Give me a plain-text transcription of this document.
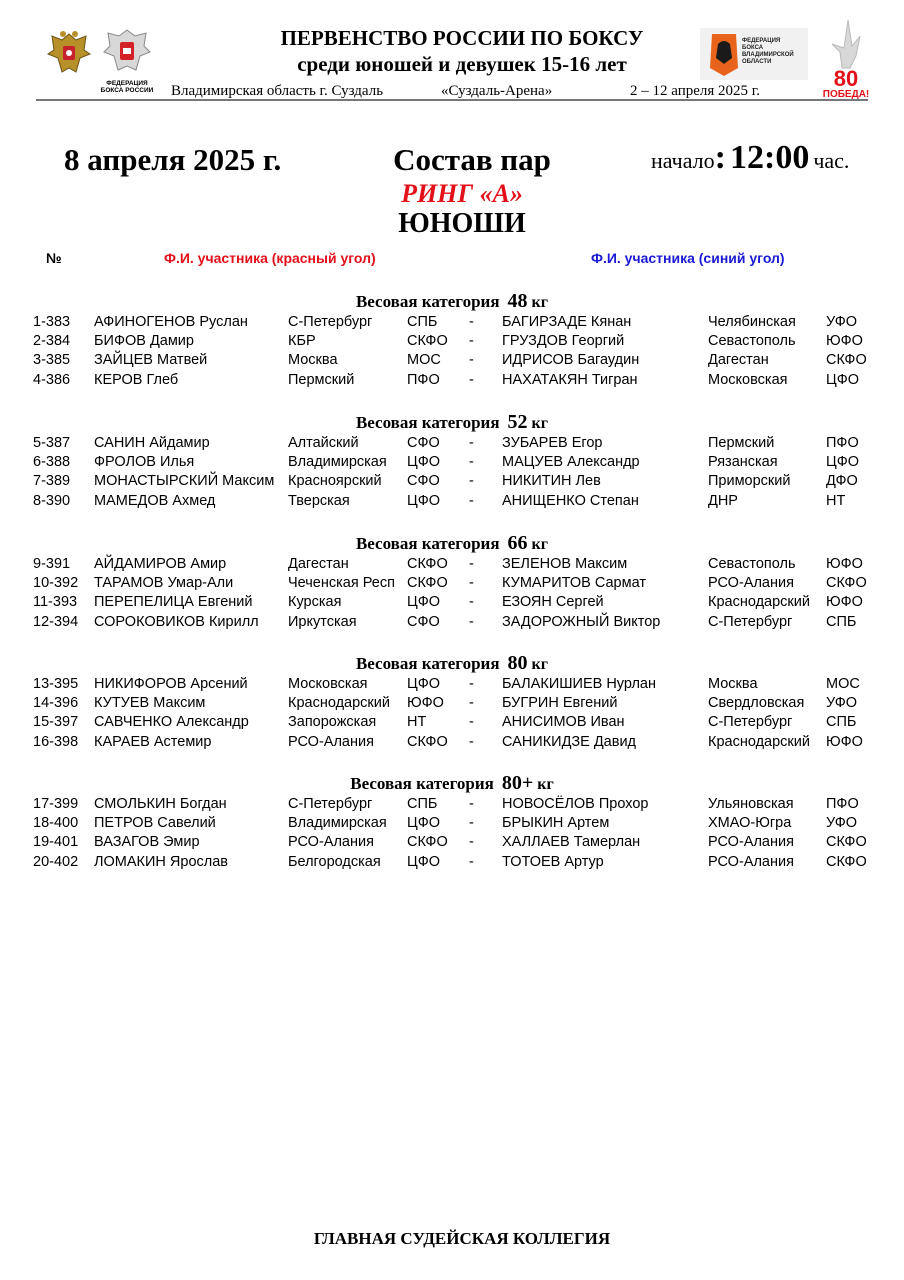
ФЕДЕРАЦИЯ БОКСА РОССИИ
ФЕДЕРАЦИЯ БОКСА ВЛАДИМИРСКОЙ ОБЛАСТИ
80
ПОБЕДА!
ПЕРВЕНСТВО РОССИИ ПО БОКСУ
среди юношей и девушек 15-16 лет
Владимирская область г. Суздаль	«Суздаль-Арена»	2 – 12 апреля 2025 г.
8 апреля 2025 г.	Состав пар	начало: 12:00 час.
РИНГ «А»
ЮНОШИ
№	Ф.И. участника (красный угол)	Ф.И. участника (синий угол)
Весовая категория 48 кг
1-383 АФИНОГЕНОВ Руслан	С-Петербург СПБ - БАГИРЗАДЕ Кянан	Челябинская УФО
2-384 БИФОВ Дамир	КБР	СКФО - ГРУЗДОВ Георгий	Севастополь ЮФО
3-385 ЗАЙЦЕВ Матвей	Москва	МОС - ИДРИСОВ Багаудин	Дагестан	СКФО
4-386 КЕРОВ Глеб	Пермский	ПФО - НАХАТАКЯН Тигран	Московская	ЦФО
Весовая категория 52 кг
5-387 САНИН Айдамир	Алтайский	СФО - ЗУБАРЕВ Егор	Пермский	ПФО
6-388 ФРОЛОВ Илья	Владимирская ЦФО - МАЦУЕВ Александр	Рязанская	ЦФО
7-389 МОНАСТЫРСКИЙ Максим Красноярский СФО - НИКИТИН Лев	Приморский ДФО
8-390 МАМЕДОВ Ахмед	Тверская	ЦФО - АНИЩЕНКО Степан	ДНР	НТ
Весовая категория 66 кг
9-391 АЙДАМИРОВ Амир	Дагестан	СКФО - ЗЕЛЕНОВ Максим	Севастополь ЮФО
10-392 ТАРАМОВ Умар-Али	Чеченская Респ СКФО - КУМАРИТОВ Сармат	РСО-Алания СКФО
11-393 ПЕРЕПЕЛИЦА Евгений Курская	ЦФО - ЕЗОЯН Сергей	Краснодарский ЮФО
12-394 СОРОКОВИКОВ Кирилл Иркутская	СФО - ЗАДОРОЖНЫЙ Виктор	С-Петербург СПБ
Весовая категория 80 кг
13-395 НИКИФОРОВ Арсений	Московская	ЦФО - БАЛАКИШИЕВ Нурлан	Москва	МОС
14-396 КУТУЕВ Максим	Краснодарский ЮФО - БУГРИН Евгений	Свердловская УФО
15-397 САВЧЕНКО Александр	Запорожская НТ	- АНИСИМОВ Иван	С-Петербург СПБ
16-398 КАРАЕВ Астемир	РСО-Алания СКФО - САНИКИДЗЕ Давид	Краснодарский ЮФО
Весовая категория 80+ кг
17-399 СМОЛЬКИН Богдан	С-Петербург СПБ - НОВОСЁЛОВ Прохор	Ульяновская ПФО
18-400 ПЕТРОВ Савелий	Владимирская ЦФО - БРЫКИН Артем	ХМАО-Югра УФО
19-401 ВАЗАГОВ Эмир	РСО-Алания СКФО - ХАЛЛАЕВ Тамерлан	РСО-Алания СКФО
20-402 ЛОМАКИН Ярослав	Белгородская ЦФО - ТОТОЕВ Артур	РСО-Алания СКФО
ГЛАВНАЯ СУДЕЙСКАЯ КОЛЛЕГИЯ
